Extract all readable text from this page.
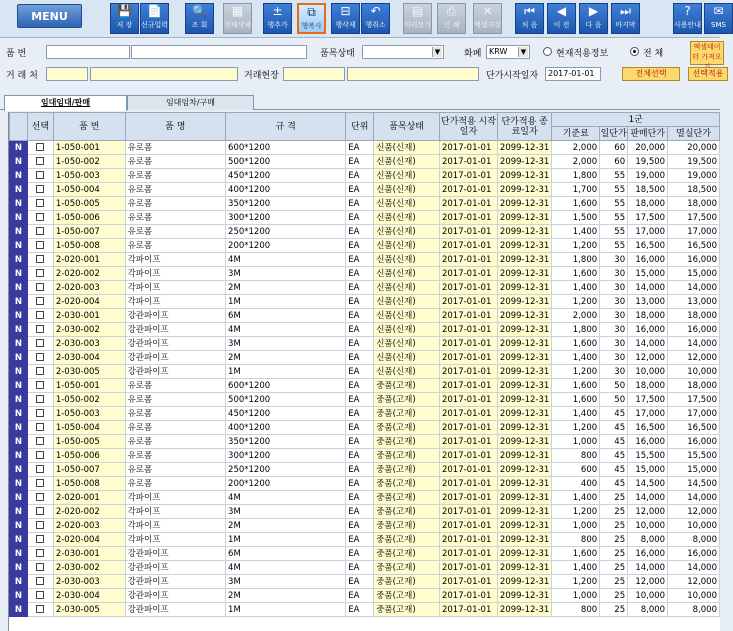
MENU	💾
저 장
📄
신규입력
🔍
조 회
▦
전체삭제
±
행추가
⧉
행복사
⊟
행삭제
↶
행취소
▤
미리보기
⎙
인 쇄
✕
엑셀저장
⏮
처 음
◀
이 전
▶
다 음
⏭
마지막
?
사용안내
✉
SMS
품 번	품목상태	▼	화폐 KRW	▼	현재적용정보	전 체
엑셀데이터 가져오
거 래 처	거래현장	단가시작일자	2017-01-01	전체선택	선택적용
임대임대/판매	임대임차/구매
	선택	품 번	품 명	규 격	단위	품목상태	단가적용 시작일자	단가적용 종료일자	1군			
									기준료	일단가	판매단가	멸실단가
N		1-050-001	유로폼	600*1200	EA	신품(신재)	2017-01-01	2099-12-31	2,000	60	20,000	20,000
N		1-050-002	유로폼	500*1200	EA	신품(신재)	2017-01-01	2099-12-31	2,000	60	19,500	19,500
N		1-050-003	유로폼	450*1200	EA	신품(신재)	2017-01-01	2099-12-31	1,800	55	19,000	19,000
N		1-050-004	유로폼	400*1200	EA	신품(신재)	2017-01-01	2099-12-31	1,700	55	18,500	18,500
N		1-050-005	유로폼	350*1200	EA	신품(신재)	2017-01-01	2099-12-31	1,600	55	18,000	18,000
N		1-050-006	유로폼	300*1200	EA	신품(신재)	2017-01-01	2099-12-31	1,500	55	17,500	17,500
N		1-050-007	유로폼	250*1200	EA	신품(신재)	2017-01-01	2099-12-31	1,400	55	17,000	17,000
N		1-050-008	유로폼	200*1200	EA	신품(신재)	2017-01-01	2099-12-31	1,200	55	16,500	16,500
N		2-020-001	각파이프	4M	EA	신품(신재)	2017-01-01	2099-12-31	1,800	30	16,000	16,000
N		2-020-002	각파이프	3M	EA	신품(신재)	2017-01-01	2099-12-31	1,600	30	15,000	15,000
N		2-020-003	각파이프	2M	EA	신품(신재)	2017-01-01	2099-12-31	1,400	30	14,000	14,000
N		2-020-004	각파이프	1M	EA	신품(신재)	2017-01-01	2099-12-31	1,200	30	13,000	13,000
N		2-030-001	강관파이프	6M	EA	신품(신재)	2017-01-01	2099-12-31	2,000	30	18,000	18,000
N		2-030-002	강관파이프	4M	EA	신품(신재)	2017-01-01	2099-12-31	1,800	30	16,000	16,000
N		2-030-003	강관파이프	3M	EA	신품(신재)	2017-01-01	2099-12-31	1,600	30	14,000	14,000
N		2-030-004	강관파이프	2M	EA	신품(신재)	2017-01-01	2099-12-31	1,400	30	12,000	12,000
N		2-030-005	강관파이프	1M	EA	신품(신재)	2017-01-01	2099-12-31	1,200	30	10,000	10,000
N		1-050-001	유로폼	600*1200	EA	중품(고재)	2017-01-01	2099-12-31	1,600	50	18,000	18,000
N		1-050-002	유로폼	500*1200	EA	중품(고재)	2017-01-01	2099-12-31	1,600	50	17,500	17,500
N		1-050-003	유로폼	450*1200	EA	중품(고재)	2017-01-01	2099-12-31	1,400	45	17,000	17,000
N		1-050-004	유로폼	400*1200	EA	중품(고재)	2017-01-01	2099-12-31	1,200	45	16,500	16,500
N		1-050-005	유로폼	350*1200	EA	중품(고재)	2017-01-01	2099-12-31	1,000	45	16,000	16,000
N		1-050-006	유로폼	300*1200	EA	중품(고재)	2017-01-01	2099-12-31	800	45	15,500	15,500
N		1-050-007	유로폼	250*1200	EA	중품(고재)	2017-01-01	2099-12-31	600	45	15,000	15,000
N		1-050-008	유로폼	200*1200	EA	중품(고재)	2017-01-01	2099-12-31	400	45	14,500	14,500
N		2-020-001	각파이프	4M	EA	중품(고재)	2017-01-01	2099-12-31	1,400	25	14,000	14,000
N		2-020-002	각파이프	3M	EA	중품(고재)	2017-01-01	2099-12-31	1,200	25	12,000	12,000
N		2-020-003	각파이프	2M	EA	중품(고재)	2017-01-01	2099-12-31	1,000	25	10,000	10,000
N		2-020-004	각파이프	1M	EA	중품(고재)	2017-01-01	2099-12-31	800	25	8,000	8,000
N		2-030-001	강관파이프	6M	EA	중품(고재)	2017-01-01	2099-12-31	1,600	25	16,000	16,000
N		2-030-002	강관파이프	4M	EA	중품(고재)	2017-01-01	2099-12-31	1,400	25	14,000	14,000
N		2-030-003	강관파이프	3M	EA	중품(고재)	2017-01-01	2099-12-31	1,200	25	12,000	12,000
N		2-030-004	강관파이프	2M	EA	중품(고재)	2017-01-01	2099-12-31	1,000	25	10,000	10,000
N		2-030-005	강관파이프	1M	EA	중품(고재)	2017-01-01	2099-12-31	800	25	8,000	8,000
